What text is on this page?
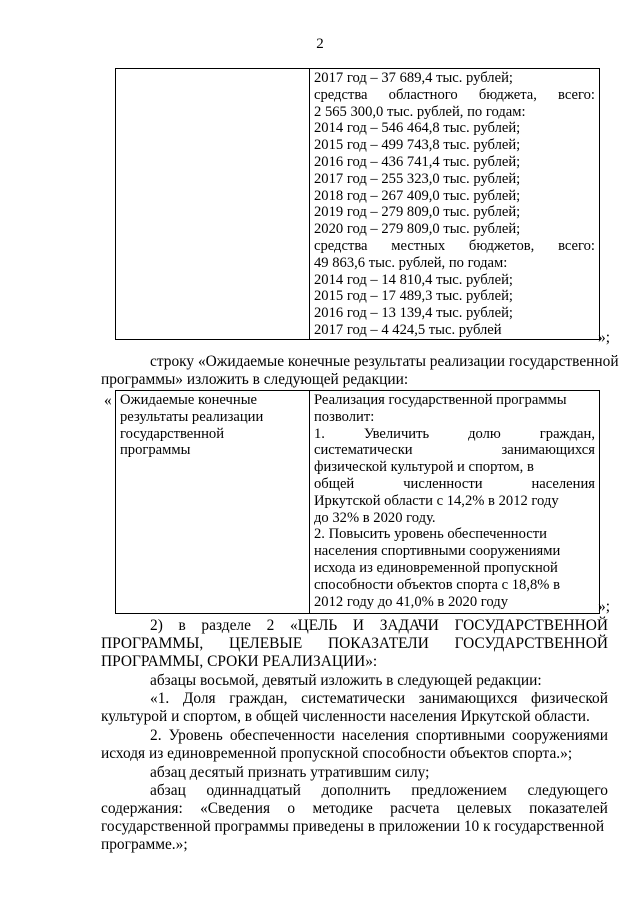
2

2017 год – 37 689,4 тыс. рублей;
средства областного бюджета, всего:
2 565 300,0 тыс. рублей, по годам:
2014 год – 546 464,8 тыс. рублей;
2015 год – 499 743,8 тыс. рублей;
2016 год – 436 741,4 тыс. рублей;
2017 год – 255 323,0 тыс. рублей;
2018 год – 267 409,0 тыс. рублей;
2019 год – 279 809,0 тыс. рублей;
2020 год – 279 809,0 тыс. рублей;
средства местных бюджетов, всего:
49 863,6 тыс. рублей, по годам:
2014 год – 14 810,4 тыс. рублей;
2015 год – 17 489,3 тыс. рублей;
2016 год – 13 139,4 тыс. рублей;
2017 год – 4 424,5 тыс. рублей	»;
строку «Ожидаемые конечные результаты реализации государственной
программы» изложить в следующей редакции:
« Ожидаемые конечные
результаты реализации
государственной
программы

Реализация государственной программы
позволит:
1.	Увеличить	долю	граждан,
систематически	занимающихся
физической культурой и спортом, в
общей	численности	населения
Иркутской области с 14,2% в 2012 году
до 32% в 2020 году.
2. Повысить уровень обеспеченности
населения спортивными сооружениями
исхода из единовременной пропускной
способности объектов спорта с 18,8% в
2012 году до 41,0% в 2020 году	»;
2) в разделе 2 «ЦЕЛЬ И ЗАДАЧИ ГОСУДАРСТВЕННОЙ
ПРОГРАММЫ, ЦЕЛЕВЫЕ ПОКАЗАТЕЛИ ГОСУДАРСТВЕННОЙ
ПРОГРАММЫ, СРОКИ РЕАЛИЗАЦИИ»:
абзацы восьмой, девятый изложить в следующей редакции:
«1. Доля граждан, систематически занимающихся физической
культурой и спортом, в общей численности населения Иркутской области.
2. Уровень обеспеченности населения спортивными сооружениями
исходя из единовременной пропускной способности объектов спорта.»;
абзац десятый признать утратившим силу;
абзац одиннадцатый дополнить предложением следующего
содержания: «Сведения о методике расчета целевых показателей
государственной программы приведены в приложении 10 к государственной
программе.»;
